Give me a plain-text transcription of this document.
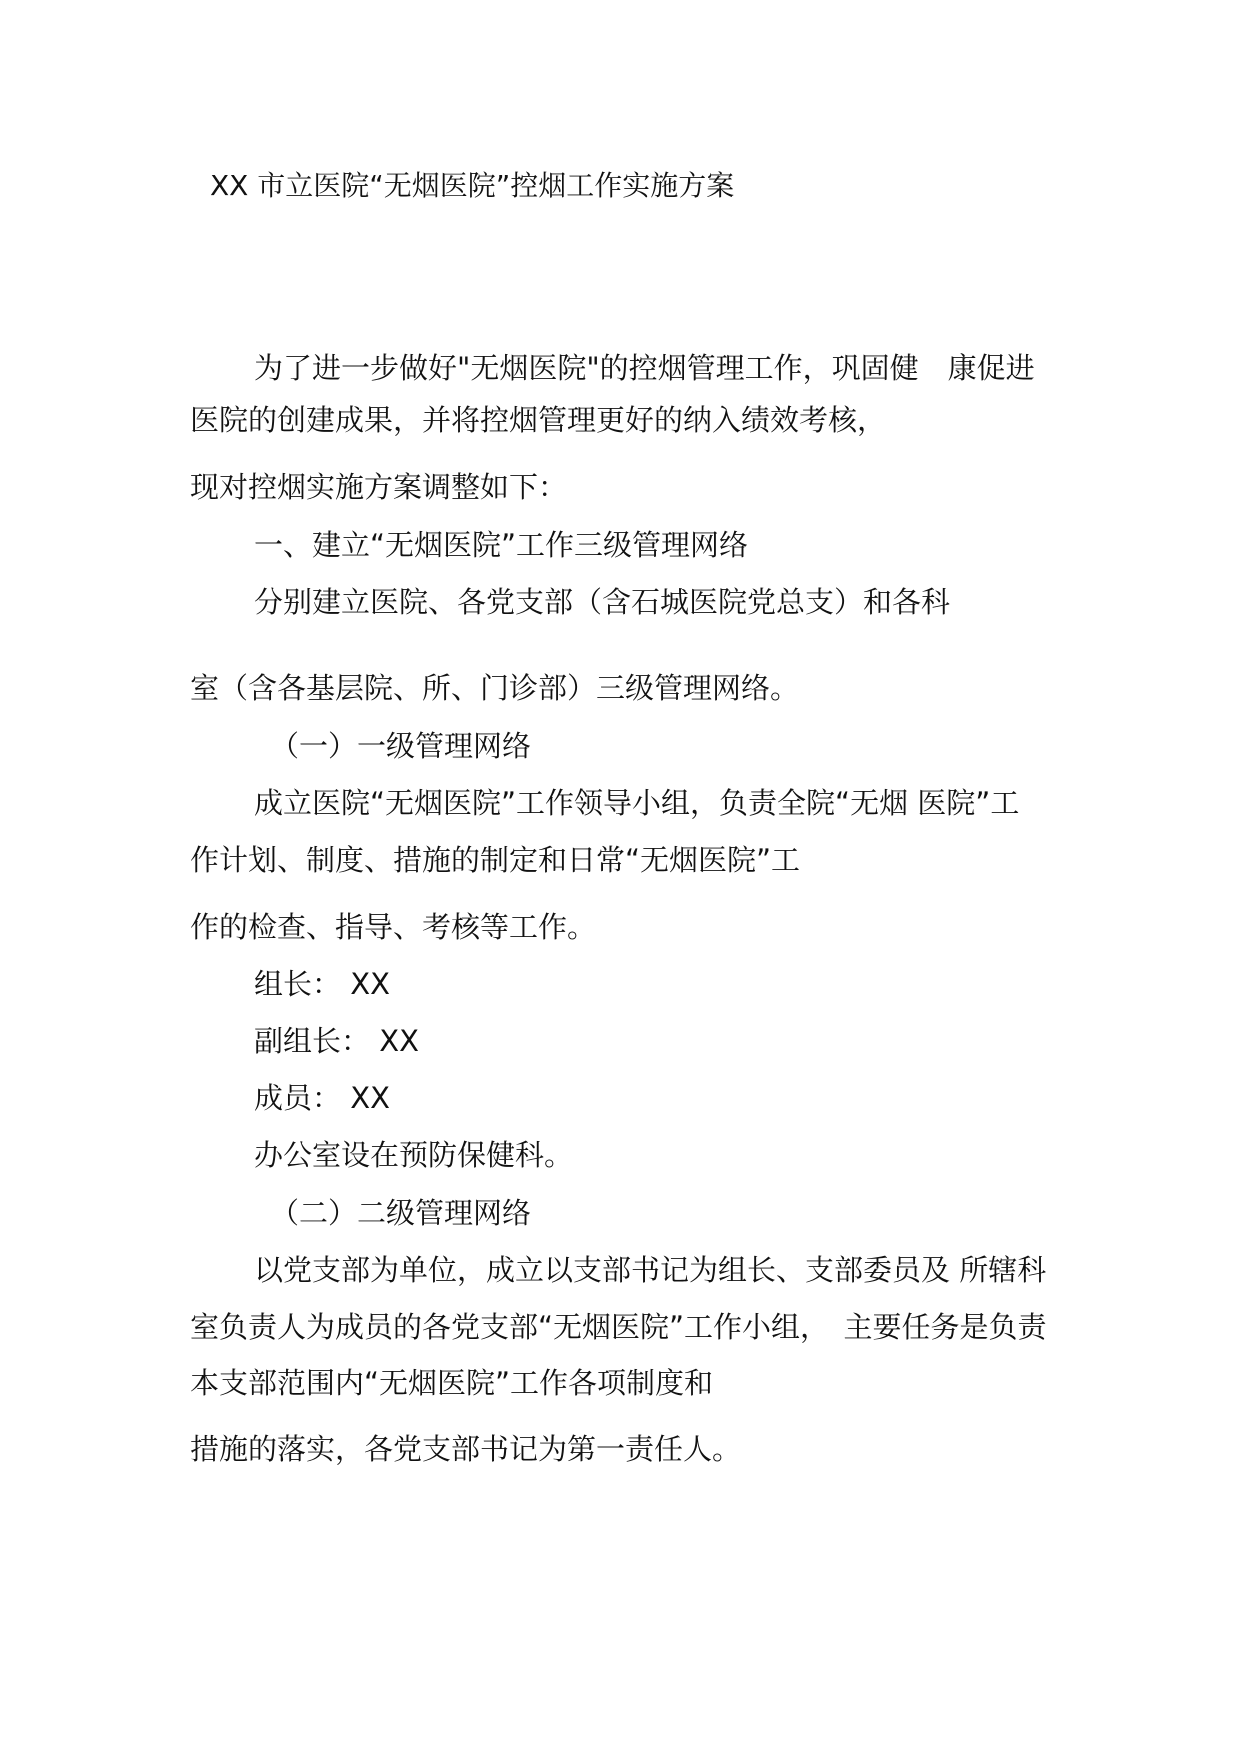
XX 市立医院“无烟医院”控烟工作实施方案
为了进一步做好"无烟医院"的控烟管理工作，巩固健　康促进
医院的创建成果，并将控烟管理更好的纳入绩效考核，
现对控烟实施方案调整如下：
一、建立“无烟医院”工作三级管理网络
分别建立医院、各党支部（含石城医院党总支）和各科
室（含各基层院、所、门诊部）三级管理网络。
（一）一级管理网络
成立医院“无烟医院”工作领导小组，负责全院“无烟 医院”工
作计划、制度、措施的制定和日常“无烟医院”工
作的检查、指导、考核等工作。
组长： XX
副组长： XX
成员： XX
办公室设在预防保健科。
（二）二级管理网络
以党支部为单位，成立以支部书记为组长、支部委员及 所辖科
室负责人为成员的各党支部“无烟医院”工作小组，　主要任务是负责
本支部范围内“无烟医院”工作各项制度和
措施的落实，各党支部书记为第一责任人。
